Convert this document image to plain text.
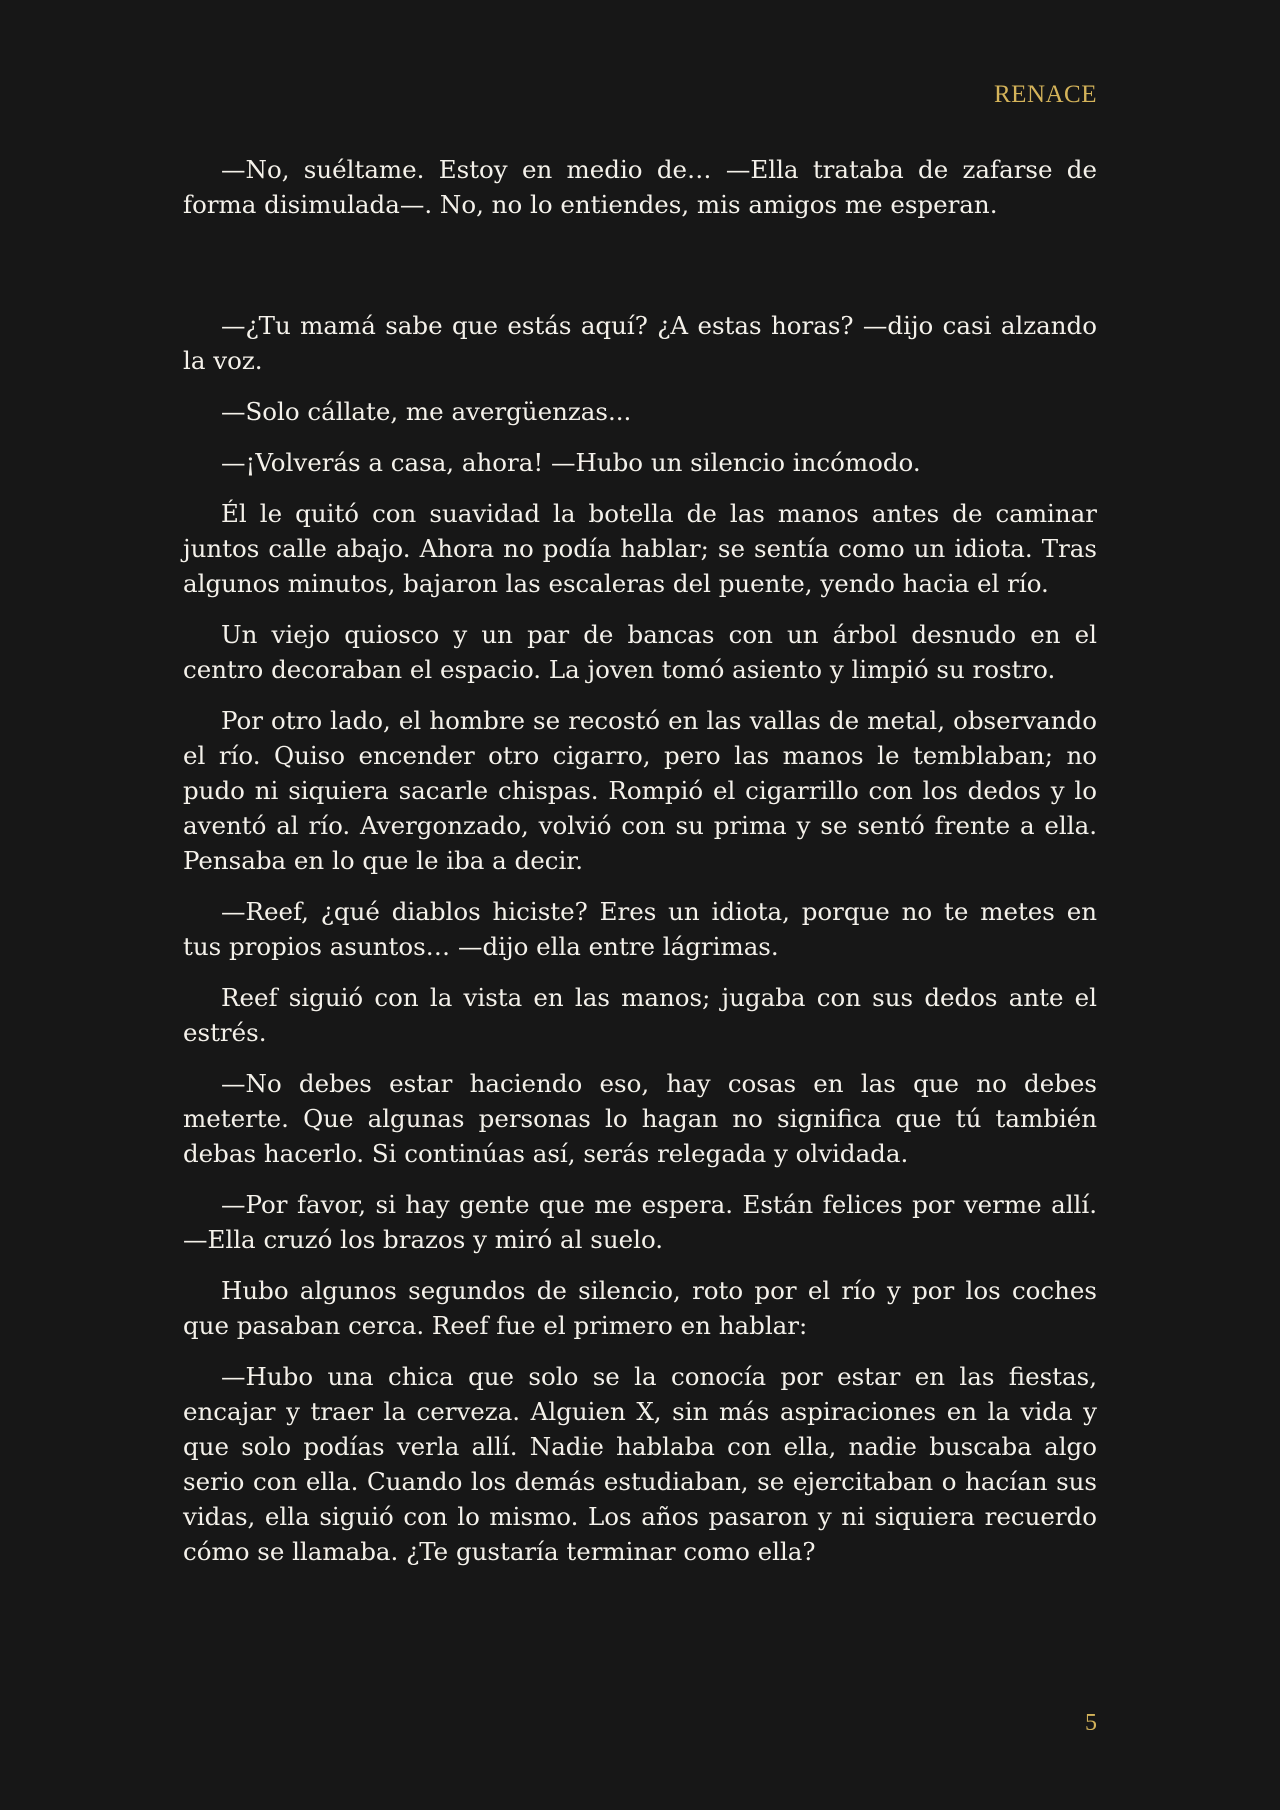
RENACE

—No, suéltame. Estoy en medio de… —Ella trataba de zafarse de forma disimulada—. No, no lo entiendes, mis amigos me esperan.

—¿Tu mamá sabe que estás aquí? ¿A estas horas? —dijo casi alzando la voz.

—Solo cállate, me avergüenzas...

—¡Volverás a casa, ahora! —Hubo un silencio incómodo.

Él le quitó con suavidad la botella de las manos antes de caminar juntos calle abajo. Ahora no podía hablar; se sentía como un idiota. Tras algunos minutos, bajaron las escaleras del puente, yendo hacia el río.

Un viejo quiosco y un par de bancas con un árbol desnudo en el centro decoraban el espacio. La joven tomó asiento y limpió su rostro.

Por otro lado, el hombre se recostó en las vallas de metal, observando el río. Quiso encender otro cigarro, pero las manos le temblaban; no pudo ni siquiera sacarle chispas. Rompió el cigarrillo con los dedos y lo aventó al río. Avergonzado, volvió con su prima y se sentó frente a ella. Pensaba en lo que le iba a decir.

—Reef, ¿qué diablos hiciste? Eres un idiota, porque no te metes en tus propios asuntos… —dijo ella entre lágrimas.

Reef siguió con la vista en las manos; jugaba con sus dedos ante el estrés.

—No debes estar haciendo eso, hay cosas en las que no debes meterte. Que algunas personas lo hagan no significa que tú también debas hacerlo. Si continúas así, serás relegada y olvidada.

—Por favor, si hay gente que me espera. Están felices por verme allí. —Ella cruzó los brazos y miró al suelo.

Hubo algunos segundos de silencio, roto por el río y por los coches que pasaban cerca. Reef fue el primero en hablar:

—Hubo una chica que solo se la conocía por estar en las fiestas, encajar y traer la cerveza. Alguien X, sin más aspiraciones en la vida y que solo podías verla allí. Nadie hablaba con ella, nadie buscaba algo serio con ella. Cuando los demás estudiaban, se ejercitaban o hacían sus vidas, ella siguió con lo mismo. Los años pasaron y ni siquiera recuerdo cómo se llamaba. ¿Te gustaría terminar como ella?

5
